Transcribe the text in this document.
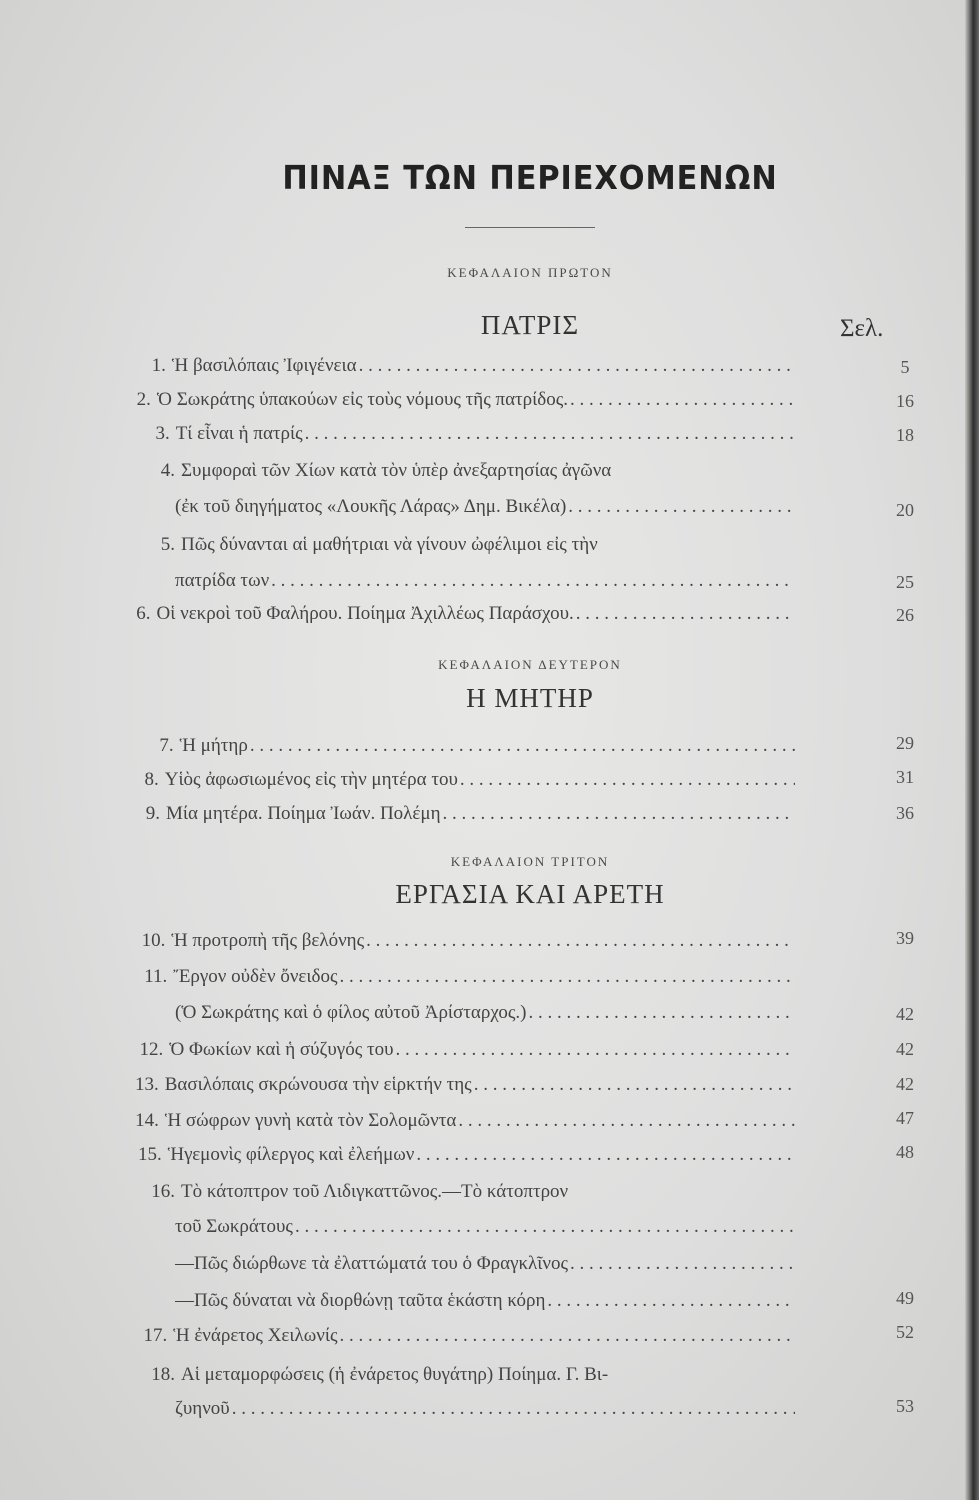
ΠΙΝΑΞ ΤΩΝ ΠΕΡΙΕΧΟΜΕΝΩΝ
ΚΕΦΑΛΑΙΟΝ ΠΡΩΤΟΝ
ΠΑΤΡΙΣ	Σελ.
1. Ἡ βασιλόπαις Ἰφιγένεια . . .	5
2. Ὁ Σωκράτης ὑπακούων εἰς τοὺς νόμους τῆς πατρίδος. . . .	16
3. Τί εἶναι ἡ πατρίς . . .	18
4. Συμφοραὶ τῶν Χίων κατὰ τὸν ὑπὲρ ἀνεξαρτησίας ἀγῶνα
(ἐκ τοῦ διηγήματος «Λουκῆς Λάρας» Δημ. Βικέλα) . . .	20
5. Πῶς δύνανται αἱ μαθήτριαι νὰ γίνουν ὠφέλιμοι εἰς τὴν
πατρίδα των . . .	25
6. Οἱ νεκροὶ τοῦ Φαλήρου. Ποίημα Ἀχιλλέως Παράσχου. . . .	26
ΚΕΦΑΛΑΙΟΝ ΔΕΥΤΕΡΟΝ
Η ΜΗΤΗΡ
7. Ἡ μήτηρ . . .	29
8. Υἱὸς ἀφωσιωμένος εἰς τὴν μητέρα του . . .	31
9. Μία μητέρα. Ποίημα Ἰωάν. Πολέμη . . .	36
ΚΕΦΑΛΑΙΟΝ ΤΡΙΤΟΝ
ΕΡΓΑΣΙΑ ΚΑΙ ΑΡΕΤΗ
10. Ἡ προτροπὴ τῆς βελόνης . . .	39
11. Ἔργον οὐδὲν ὄνειδος
. . .
(Ὁ Σωκράτης καὶ ὁ φίλος αὐτοῦ Ἀρίσταρχος.) . . .	42
12. Ὁ Φωκίων καὶ ἡ σύζυγός του . . .	42
13. Βασιλόπαις σκρώνουσα τὴν εἱρκτήν της . . .	42
14. Ἡ σώφρων γυνὴ κατὰ τὸν Σολομῶντα . . .	47
15. Ἡγεμονὶς φίλεργος καὶ ἐλεήμων . . .	48
16. Τὸ κάτοπτρον τοῦ Λιδιγκαττῶνος.—Τὸ κάτοπτρον
τοῦ Σωκράτους
. . .
—Πῶς διώρθωνε τὰ ἐλαττώματά του ὁ Φραγκλῖνος
. . .
—Πῶς δύναται νὰ διορθώνῃ ταῦτα ἑκάστη κόρη . . .	49
17. Ἡ ἐνάρετος Χειλωνίς . . .	52
18. Αἱ μεταμορφώσεις (ἡ ἐνάρετος θυγάτηρ) Ποίημα. Γ. Βι-
ζυηνοῦ . . .	53
